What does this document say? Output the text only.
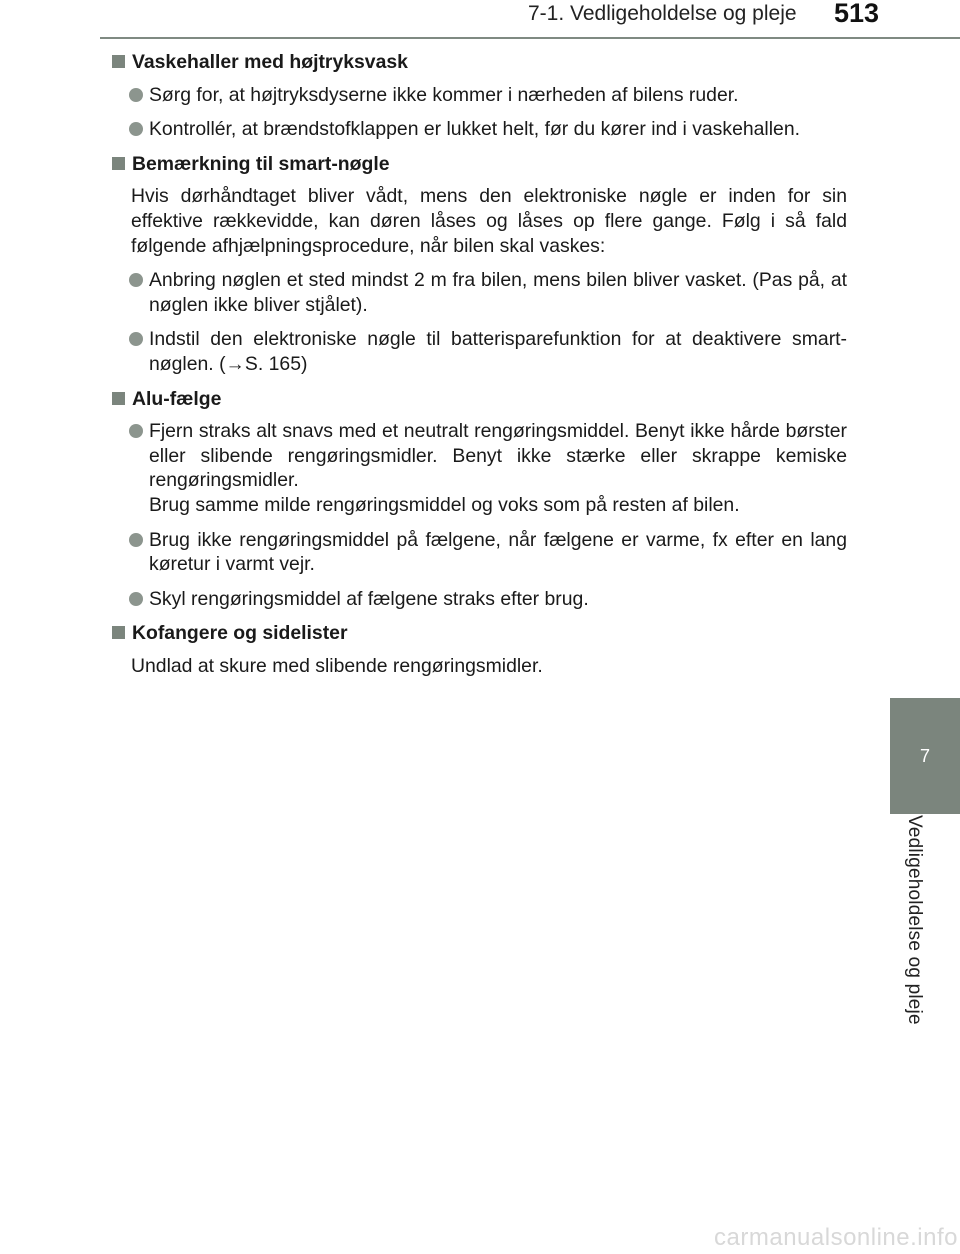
7-1. Vedligeholdelse og pleje 513
7
Vedligeholdelse og pleje
Vaskehaller med højtryksvask
Sørg for, at højtryksdyserne ikke kommer i nærheden af bilens ruder.
Kontrollér, at brændstofklappen er lukket helt, før du kører ind i vaskehallen.
Bemærkning til smart-nøgle
Hvis dørhåndtaget bliver vådt, mens den elektroniske nøgle er inden for sin effektive rækkevidde, kan døren låses og låses op flere gange. Følg i så fald følgende afhjælpningsprocedure, når bilen skal vaskes:
Anbring nøglen et sted mindst 2 m fra bilen, mens bilen bliver vasket. (Pas på, at nøglen ikke bliver stjålet).
Indstil den elektroniske nøgle til batterisparefunktion for at deaktivere smart-nøglen. (→S. 165)
Alu-fælge
Fjern straks alt snavs med et neutralt rengøringsmiddel. Benyt ikke hårde børster eller slibende rengøringsmidler. Benyt ikke stærke eller skrappe kemiske rengøringsmidler.
Brug samme milde rengøringsmiddel og voks som på resten af bilen.
Brug ikke rengøringsmiddel på fælgene, når fælgene er varme, fx efter en lang køretur i varmt vejr.
Skyl rengøringsmiddel af fælgene straks efter brug.
Kofangere og sidelister
Undlad at skure med slibende rengøringsmidler.
carmanualsonline.info
